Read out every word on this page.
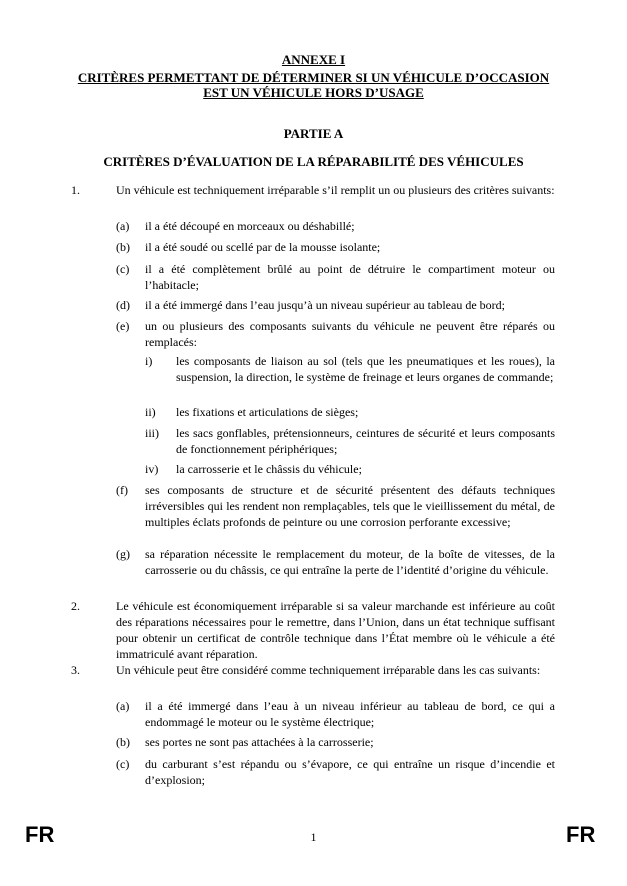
ANNEXE I
CRITÈRES PERMETTANT DE DÉTERMINER SI UN VÉHICULE D’OCCASION
EST UN VÉHICULE HORS D’USAGE
PARTIE A
CRITÈRES D’ÉVALUATION DE LA RÉPARABILITÉ DES VÉHICULES
1.	Un véhicule est techniquement irréparable s’il remplit un ou plusieurs des critères suivants:
(a) il a été découpé en morceaux ou déshabillé;
(b) il a été soudé ou scellé par de la mousse isolante;
(c) il a été complètement brûlé au point de détruire le compartiment moteur ou l’habitacle;
(d) il a été immergé dans l’eau jusqu’à un niveau supérieur au tableau de bord;
(e) un ou plusieurs des composants suivants du véhicule ne peuvent être réparés ou remplacés:
i) les composants de liaison au sol (tels que les pneumatiques et les roues), la suspension, la direction, le système de freinage et leurs organes de commande;
ii) les fixations et articulations de sièges;
iii) les sacs gonflables, prétensionneurs, ceintures de sécurité et leurs composants de fonctionnement périphériques;
iv) la carrosserie et le châssis du véhicule;
(f) ses composants de structure et de sécurité présentent des défauts techniques irréversibles qui les rendent non remplaçables, tels que le vieillissement du métal, de multiples éclats profonds de peinture ou une corrosion perforante excessive;
(g) sa réparation nécessite le remplacement du moteur, de la boîte de vitesses, de la carrosserie ou du châssis, ce qui entraîne la perte de l’identité d’origine du véhicule.
2.	Le véhicule est économiquement irréparable si sa valeur marchande est inférieure au coût des réparations nécessaires pour le remettre, dans l’Union, dans un état technique suffisant pour obtenir un certificat de contrôle technique dans l’État membre où le véhicule a été immatriculé avant réparation.
3.	Un véhicule peut être considéré comme techniquement irréparable dans les cas suivants:
(a) il a été immergé dans l’eau à un niveau inférieur au tableau de bord, ce qui a endommagé le moteur ou le système électrique;
(b) ses portes ne sont pas attachées à la carrosserie;
(c) du carburant s’est répandu ou s’évapore, ce qui entraîne un risque d’incendie et d’explosion;
FR	1	FR
